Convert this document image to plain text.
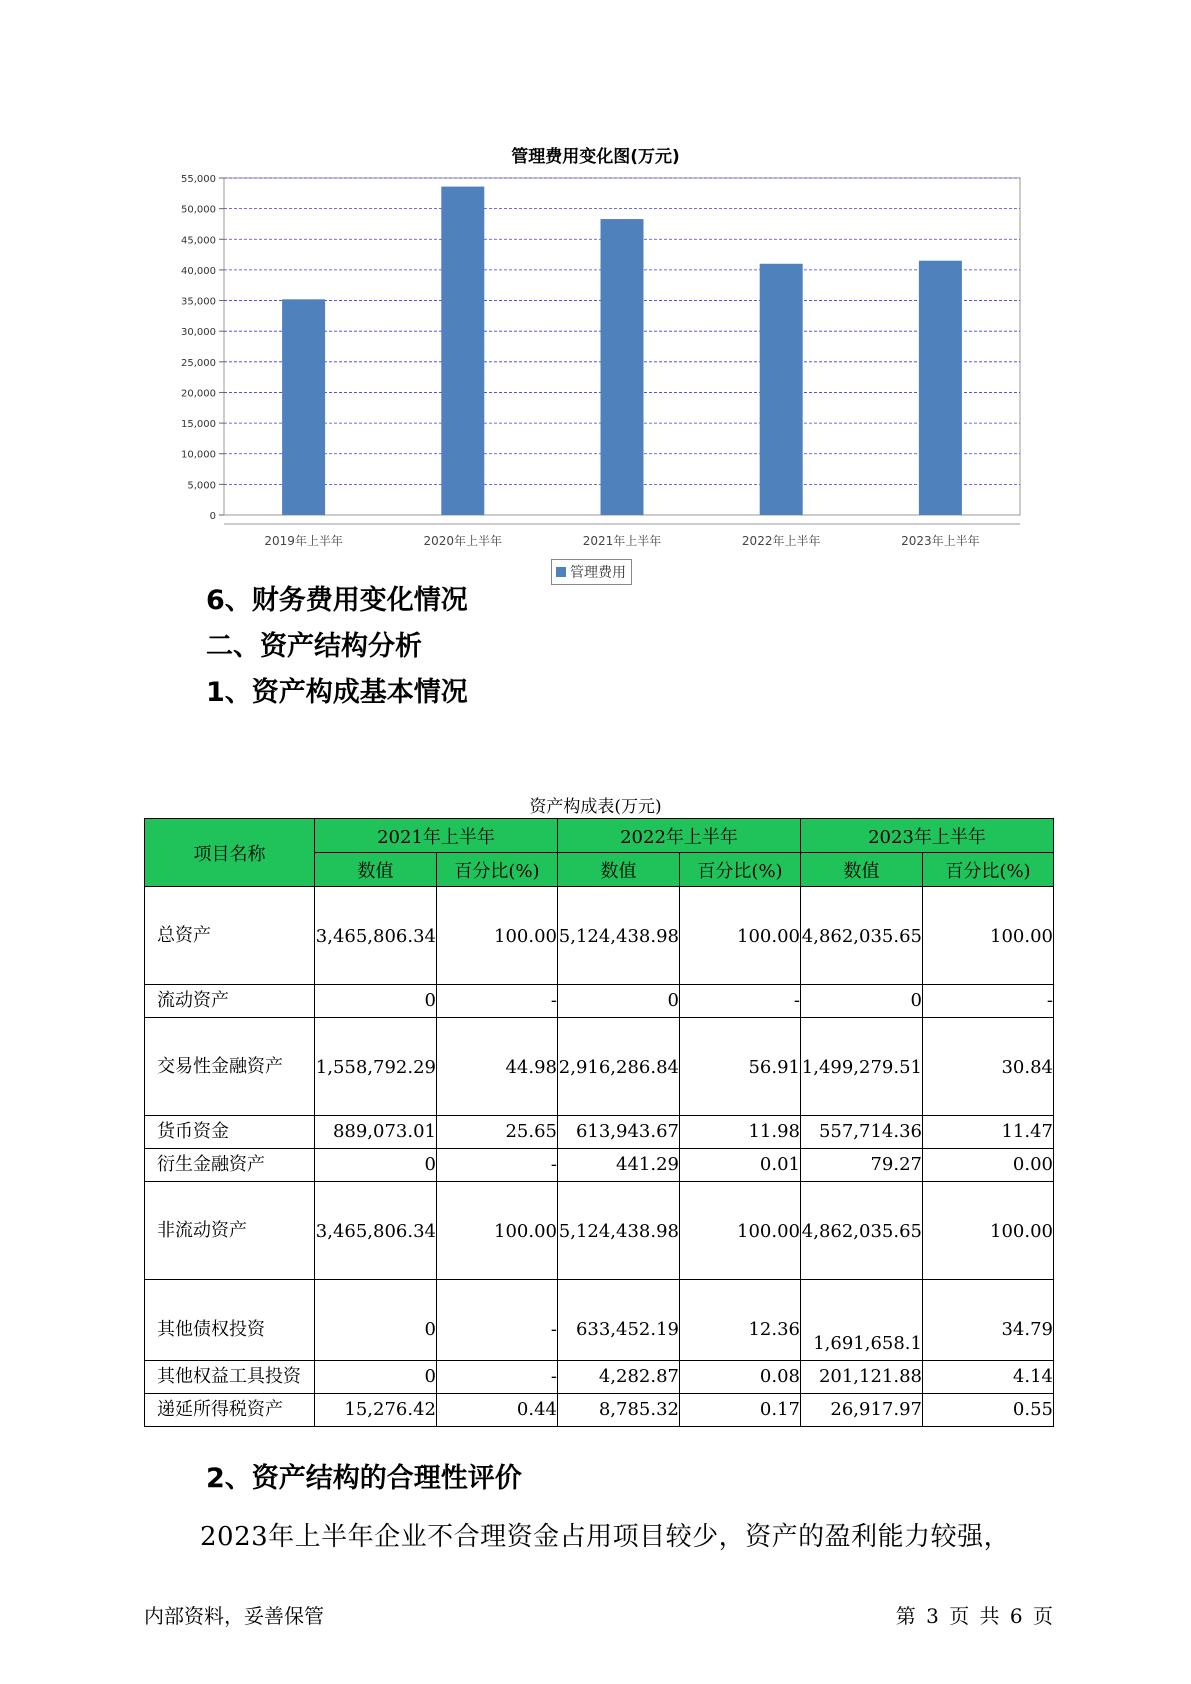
管理费用变化图(万元)
0
5,000
10,000
15,000
20,000
25,000
30,000
35,000
40,000
45,000
50,000
55,000
2019年上半年	2020年上半年	2021年上半年	2022年上半年	2023年上半年
管理费用
6、财务费用变化情况
二、资产结构分析
1、资产构成基本情况
资产构成表(万元)
项目名称	2021年上半年		2022年上半年		2023年上半年	
	数值	百分比(%)	数值	百分比(%)	数值	百分比(%)
总资产	3,465,806.34	100.00	5,124,438.98	100.00	4,862,035.65	100.00
流动资产	0	-	0	-	0	-
交易性金融资产	1,558,792.29	44.98	2,916,286.84	56.91	1,499,279.51	30.84
货币资金	889,073.01	25.65	613,943.67	11.98	557,714.36	11.47
衍生金融资产	0	-	441.29	0.01	79.27	0.00
非流动资产	3,465,806.34	100.00	5,124,438.98	100.00	4,862,035.65	100.00
其他债权投资	0	-	633,452.19	12.36	1,691,658.1	34.79
其他权益工具投资	0	-	4,282.87	0.08	201,121.88	4.14
递延所得税资产	15,276.42	0.44	8,785.32	0.17	26,917.97	0.55
2、资产结构的合理性评价
2023年上半年企业不合理资金占用项目较少，资产的盈利能力较强，
内部资料，妥善保管	第 3 页 共 6 页
